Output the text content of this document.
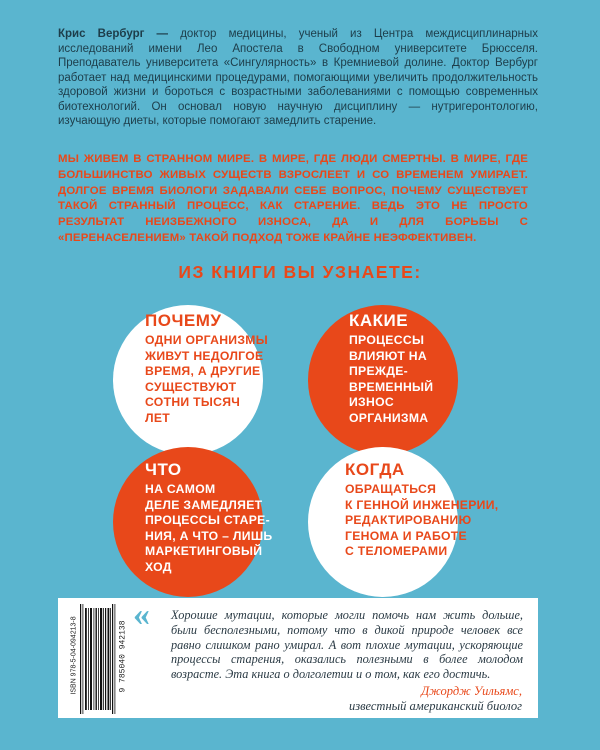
Крис Вербург — доктор медицины, ученый из Центра междисциплинарных исследований имени Лео Апостела в Свободном университете Брюсселя. Преподаватель университета «Сингулярность» в Кремниевой долине. Доктор Вербург работает над медицинскими процедурами, помогающими увеличить продолжительность здоровой жизни и бороться с возрастными заболеваниями с помощью современных биотехнологий. Он основал новую научную дисциплину — нутригеронтологию, изучающую диеты, которые помогают замедлить старение.

МЫ ЖИВЕМ В СТРАННОМ МИРЕ. В МИРЕ, ГДЕ ЛЮДИ СМЕРТНЫ. В МИРЕ, ГДЕ БОЛЬШИНСТВО ЖИВЫХ СУЩЕСТВ ВЗРОСЛЕЕТ И СО ВРЕМЕНЕМ УМИРАЕТ. ДОЛГОЕ ВРЕМЯ БИОЛОГИ ЗАДАВАЛИ СЕБЕ ВОПРОС, ПОЧЕМУ СУЩЕСТВУЕТ ТАКОЙ СТРАННЫЙ ПРОЦЕСС, КАК СТАРЕНИЕ. ВЕДЬ ЭТО НЕ ПРОСТО РЕЗУЛЬТАТ НЕИЗБЕЖНОГО ИЗНОСА, ДА И ДЛЯ БОРЬБЫ С «ПЕРЕНАСЕЛЕНИЕМ» ТАКОЙ ПОДХОД ТОЖЕ КРАЙНЕ НЕЭФФЕКТИВЕН.

ИЗ КНИГИ ВЫ УЗНАЕТЕ:
ПОЧЕМУ
ОДНИ ОРГАНИЗМЫ
ЖИВУТ НЕДОЛГОЕ
ВРЕМЯ, А ДРУГИЕ
СУЩЕСТВУЮТ
СОТНИ ТЫСЯЧ
ЛЕТ
КАКИЕ
ПРОЦЕССЫ
ВЛИЯЮТ НА
ПРЕЖДЕ-
ВРЕМЕННЫЙ
ИЗНОС
ОРГАНИЗМА
ЧТО
НА САМОМ
ДЕЛЕ ЗАМЕДЛЯЕТ
ПРОЦЕССЫ СТАРЕ-
НИЯ, А ЧТО – ЛИШЬ
МАРКЕТИНГОВЫЙ
ХОД
КОГДА
ОБРАЩАТЬСЯ
К ГЕННОЙ ИНЖЕНЕРИИ,
РЕДАКТИРОВАНИЮ
ГЕНОМА И РАБОТЕ
С ТЕЛОМЕРАМИ
ISBN 978-5-04-094213-8	9 785040 942138
« Хорошие мутации, которые могли помочь нам жить дольше, были бесполезными, потому что в дикой природе человек все равно слишком рано умирал. А вот плохие мутации, ускоряющие процессы старения, оказались полезными в более молодом возрасте. Эта книга о долголетии и о том, как его достичь.

Джордж Уильямс,
известный американский биолог
